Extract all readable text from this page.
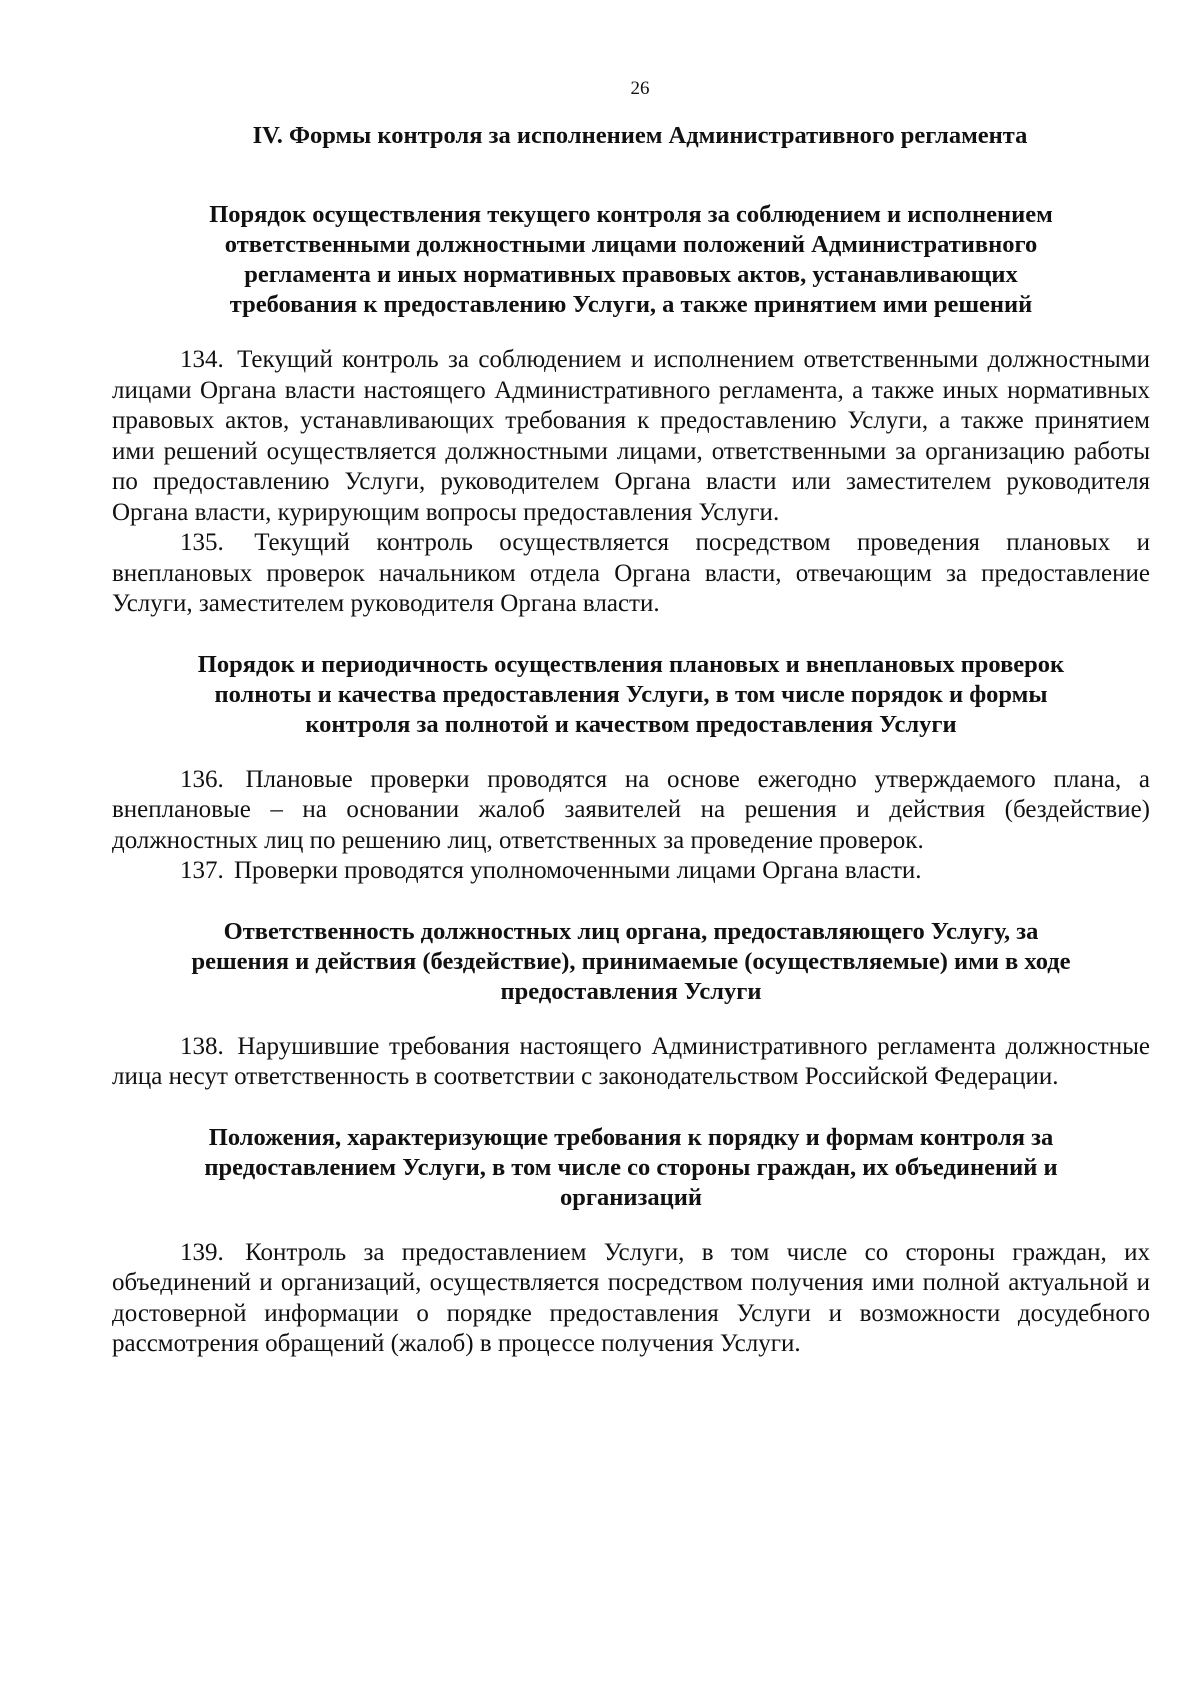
26
IV. Формы контроля за исполнением Административного регламента
Порядок осуществления текущего контроля за соблюдением и исполнением
ответственными должностными лицами положений Административного
регламента и иных нормативных правовых актов, устанавливающих
требования к предоставлению Услуги, а также принятием ими решений

134. Текущий контроль за соблюдением и исполнением ответственными должностными лицами Органа власти настоящего Административного регламента, а также иных нормативных правовых актов, устанавливающих требования к предоставлению Услуги, а также принятием ими решений осуществляется должностными лицами, ответственными за организацию работы по предоставлению Услуги, руководителем Органа власти или заместителем руководителя Органа власти, курирующим вопросы предоставления Услуги.

135. Текущий контроль осуществляется посредством проведения плановых и внеплановых проверок начальником отдела Органа власти, отвечающим за предоставление Услуги, заместителем руководителя Органа власти.

Порядок и периодичность осуществления плановых и внеплановых проверок
полноты и качества предоставления Услуги, в том числе порядок и формы
контроля за полнотой и качеством предоставления Услуги

136. Плановые проверки проводятся на основе ежегодно утверждаемого плана, а внеплановые – на основании жалоб заявителей на решения и действия (бездействие) должностных лиц по решению лиц, ответственных за проведение проверок.

137. Проверки проводятся уполномоченными лицами Органа власти.

Ответственность должностных лиц органа, предоставляющего Услугу, за
решения и действия (бездействие), принимаемые (осуществляемые) ими в ходе
предоставления Услуги

138. Нарушившие требования настоящего Административного регламента должностные лица несут ответственность в соответствии с законодательством Российской Федерации.

Положения, характеризующие требования к порядку и формам контроля за
предоставлением Услуги, в том числе со стороны граждан, их объединений и
организаций

139. Контроль за предоставлением Услуги, в том числе со стороны граждан, их объединений и организаций, осуществляется посредством получения ими полной актуальной и достоверной информации о порядке предоставления Услуги и возможности досудебного рассмотрения обращений (жалоб) в процессе получения Услуги.
